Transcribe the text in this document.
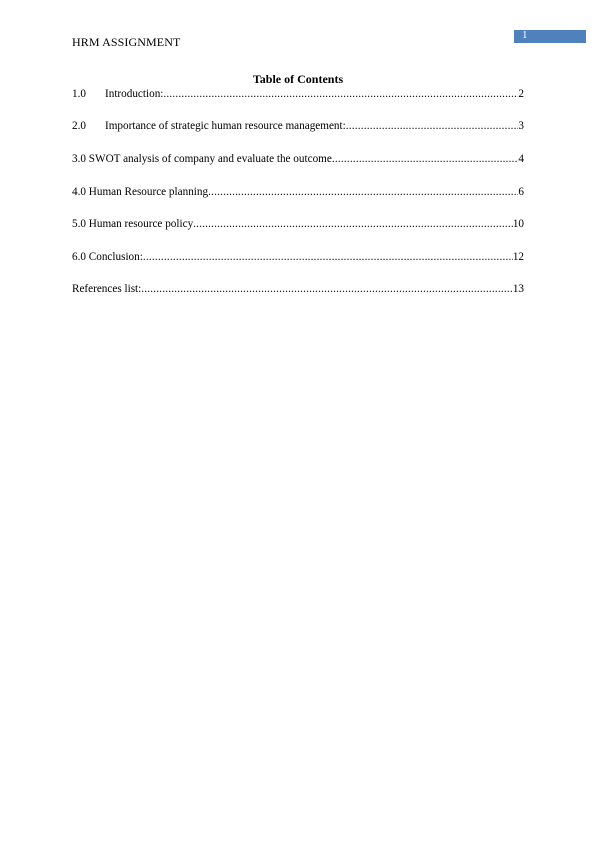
HRM ASSIGNMENT	1
Table of Contents
1.0	Introduction: .....	2
2.0	Importance of strategic human resource management: .....	3
3.0 SWOT analysis of company and evaluate the outcome .....	4
4.0 Human Resource planning .....	6
5.0 Human resource policy .....	10
6.0 Conclusion: .....	12
References list: .....	13
